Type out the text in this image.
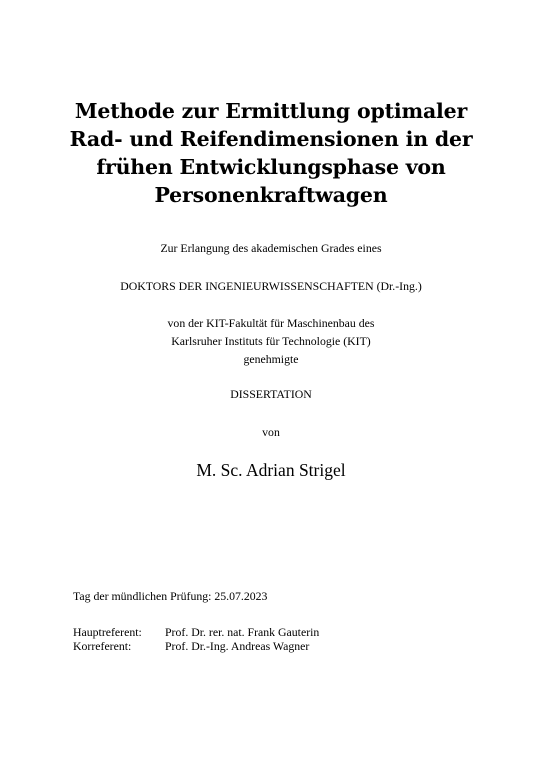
Methode zur Ermittlung optimaler
Rad- und Reifendimensionen in der
frühen Entwicklungsphase von
Personenkraftwagen
Zur Erlangung des akademischen Grades eines
DOKTORS DER INGENIEURWISSENSCHAFTEN (Dr.-Ing.)
von der KIT-Fakultät für Maschinenbau des
Karlsruher Instituts für Technologie (KIT)
genehmigte
DISSERTATION
von
M. Sc. Adrian Strigel
Tag der mündlichen Prüfung: 25.07.2023
Hauptreferent: Prof. Dr. rer. nat. Frank Gauterin
Korreferent:	Prof. Dr.-Ing. Andreas Wagner
